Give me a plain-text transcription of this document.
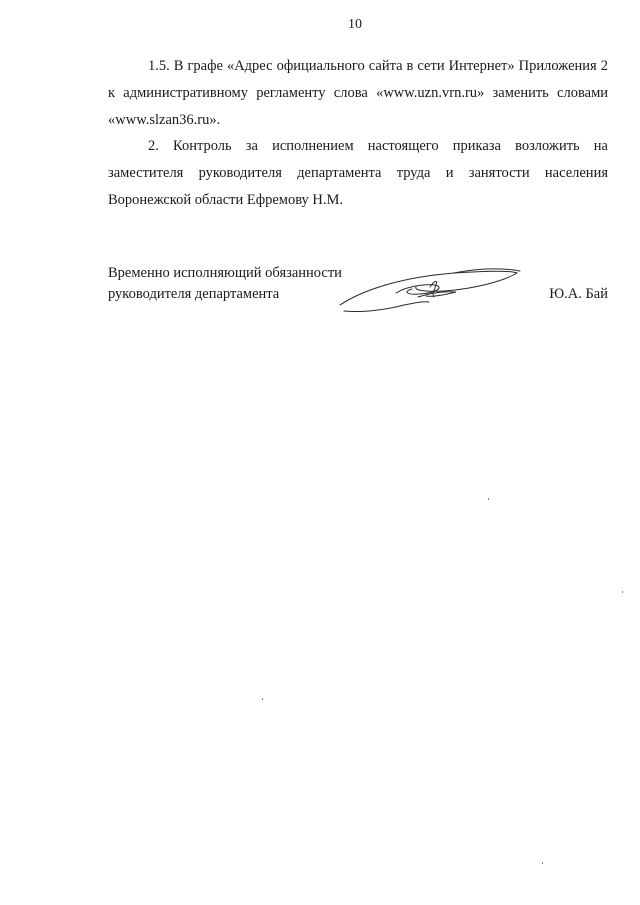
10

1.5. В графе «Адрес официального сайта в сети Интернет» Приложения 2 к административному регламенту слова «www.uzn.vrn.ru» заменить словами «www.slzan36.ru».

2. Контроль за исполнением настоящего приказа возложить на заместителя руководителя департамента труда и занятости населения Воронежской области Ефремову Н.М.

Временно исполняющий обязанности
руководителя департамента	Ю.А. Бай
